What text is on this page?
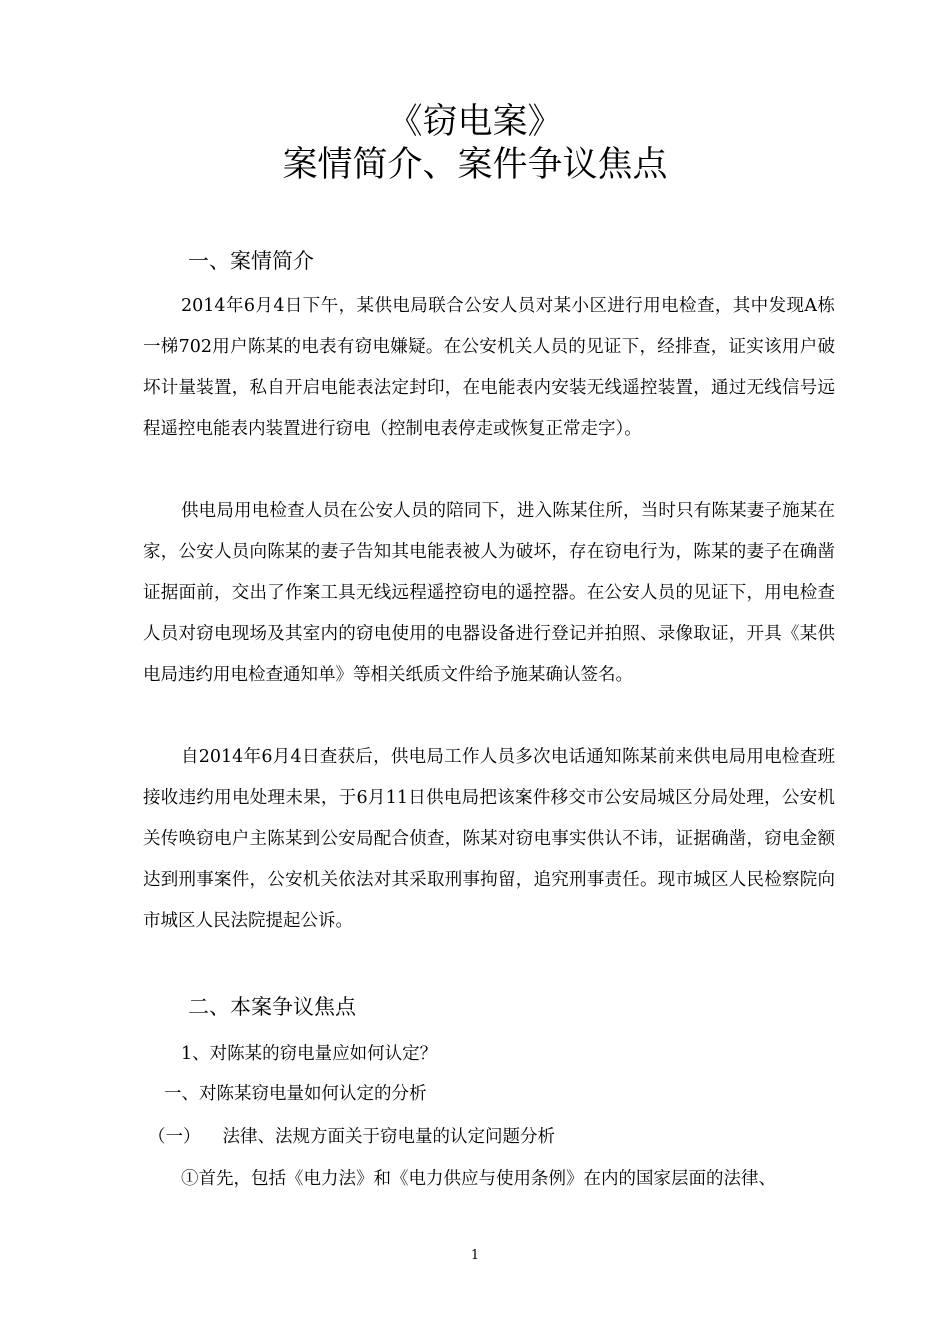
《窃电案》
案情简介、案件争议焦点
一、案情简介

2014年6月4日下午，某供电局联合公安人员对某小区进行用电检查，其中发现A栋一梯702用户陈某的电表有窃电嫌疑。在公安机关人员的见证下，经排查，证实该用户破坏计量装置，私自开启电能表法定封印，在电能表内安装无线遥控装置，通过无线信号远程遥控电能表内装置进行窃电（控制电表停走或恢复正常走字）。

供电局用电检查人员在公安人员的陪同下，进入陈某住所，当时只有陈某妻子施某在家，公安人员向陈某的妻子告知其电能表被人为破坏，存在窃电行为，陈某的妻子在确凿证据面前，交出了作案工具无线远程遥控窃电的遥控器。在公安人员的见证下，用电检查人员对窃电现场及其室内的窃电使用的电器设备进行登记并拍照、录像取证，开具《某供电局违约用电检查通知单》等相关纸质文件给予施某确认签名。

自2014年6月4日查获后，供电局工作人员多次电话通知陈某前来供电局用电检查班接收违约用电处理未果，于6月11日供电局把该案件移交市公安局城区分局处理，公安机关传唤窃电户主陈某到公安局配合侦查，陈某对窃电事实供认不讳，证据确凿，窃电金额达到刑事案件，公安机关依法对其采取刑事拘留，追究刑事责任。现市城区人民检察院向市城区人民法院提起公诉。

二、本案争议焦点

1、对陈某的窃电量应如何认定？

一、对陈某窃电量如何认定的分析

（一） 法律、法规方面关于窃电量的认定问题分析

①首先，包括《电力法》和《电力供应与使用条例》在内的国家层面的法律、

1
